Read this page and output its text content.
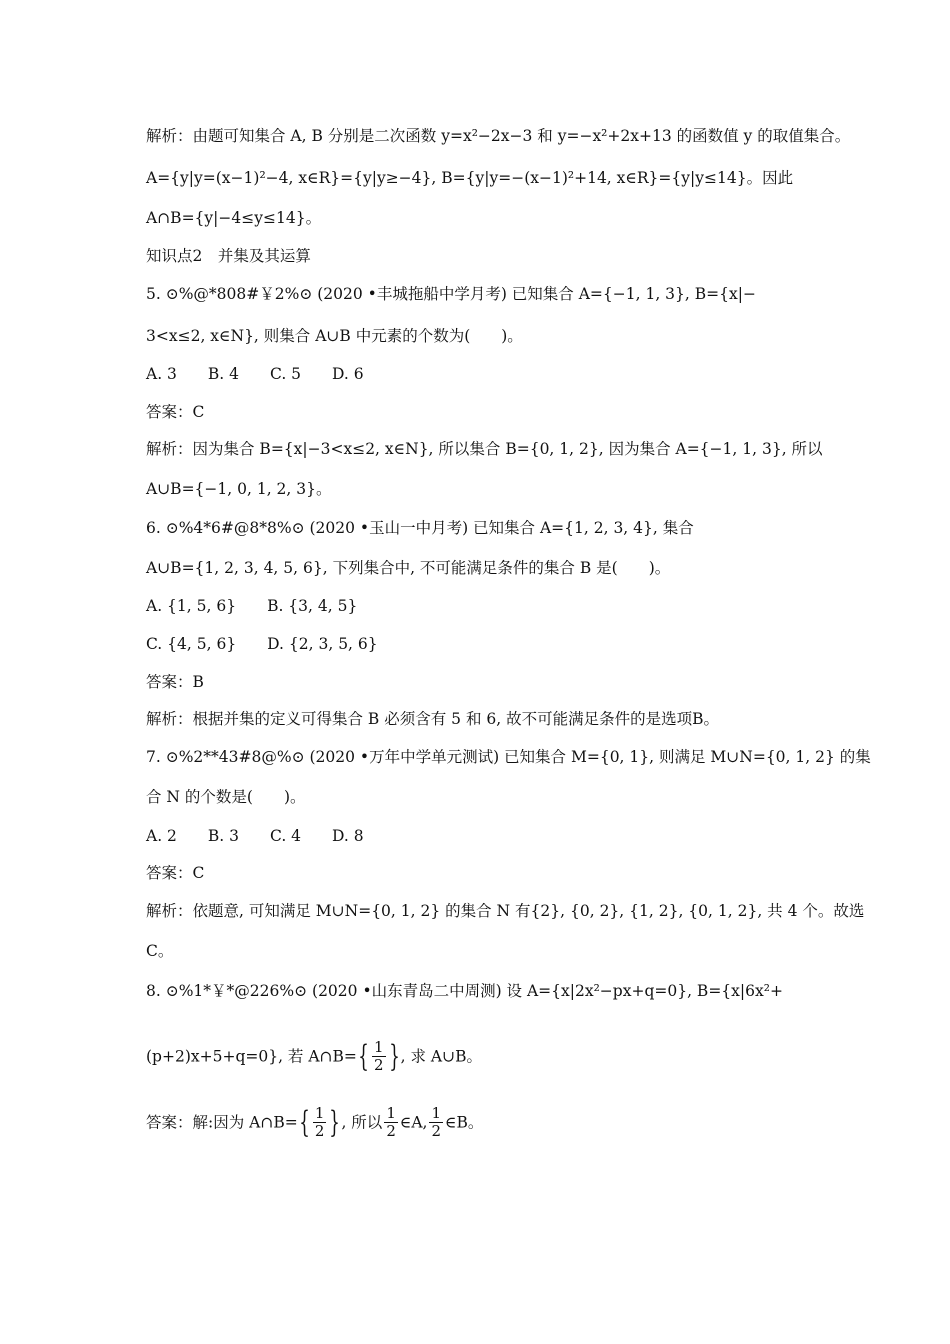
解析：由题可知集合 A, B 分别是二次函数 y=x²−2x−3 和 y=−x²+2x+13 的函数值 y 的取值集合。
A={y|y=(x−1)²−4, x∈R}={y|y≥−4}, B={y|y=−(x−1)²+14, x∈R}={y|y≤14}。因此
A∩B={y|−4≤y≤14}。
知识点2　并集及其运算
5. ⊙%@*808#￥2%⊙ (2020 •丰城拖船中学月考) 已知集合 A={−1, 1, 3}, B={x|−
3<x≤2, x∈N}, 则集合 A∪B 中元素的个数为(　　)。
A. 3　　B. 4　　C. 5　　D. 6
答案：C
解析：因为集合 B={x|−3<x≤2, x∈N}, 所以集合 B={0, 1, 2}, 因为集合 A={−1, 1, 3}, 所以
A∪B={−1, 0, 1, 2, 3}。
6. ⊙%4*6#@8*8%⊙ (2020 •玉山一中月考) 已知集合 A={1, 2, 3, 4}, 集合
A∪B={1, 2, 3, 4, 5, 6}, 下列集合中, 不可能满足条件的集合 B 是(　　)。
A. {1, 5, 6}　　B. {3, 4, 5}
C. {4, 5, 6}　　D. {2, 3, 5, 6}
答案：B
解析：根据并集的定义可得集合 B 必须含有 5 和 6, 故不可能满足条件的是选项B。
7. ⊙%2**43#8@%⊙ (2020 •万年中学单元测试) 已知集合 M={0, 1}, 则满足 M∪N={0, 1, 2} 的集
合 N 的个数是(　　)。
A. 2　　B. 3　　C. 4　　D. 8
答案：C
解析：依题意, 可知满足 M∪N={0, 1, 2} 的集合 N 有{2}, {0, 2}, {1, 2}, {0, 1, 2}, 共 4 个。故选
C。
8. ⊙%1*￥*@226%⊙ (2020 •山东青岛二中周测) 设 A={x|2x²−px+q=0}, B={x|6x²+
(p+2)x+5+q=0}, 若 A∩B={ $\frac{1}{2}$ }, 求 A∪B。
答案：解:因为 A∩B={ $\frac{1}{2}$ }, 所以 $\frac{1}{2}$ ∈A, $\frac{1}{2}$ ∈B。
